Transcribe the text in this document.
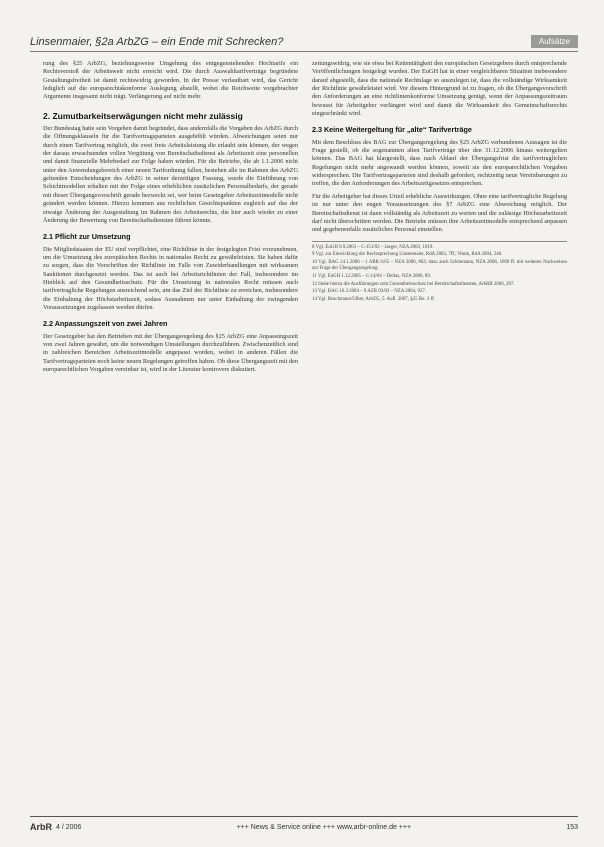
Linsenmaier, §2a ArbZG – ein Ende mit Schrecken?	Aufsätze

rung des §25 ArbZG, beziehungsweise Umgehung des entgegenstehenden Hochtarifs ein Rechtsverstoß der Arbeitsweit nicht erreicht wird. Die durch Auswahltarifverträge begründete Gestaltungsfreiheit ist damit rechtswidrig geworden. In der Presse verlautbart wird, das Gericht lediglich auf die europarechtskonforme Auslegung abstellt, wobei die Reichweite vorgebrachter Argumente insgesamt nicht trägt. Verlängerung auf nicht mehr.

2. Zumutbarkeitserwägungen nicht mehr zulässig

Der Bundestag hatte sein Vorgehen damit begründet, dass andernfalls die Vorgaben des ArbZG durch die Öffnungsklauseln für die Tarifvertragsparteien ausgehöhlt würden. Abweichungen seien nur durch einen Tarifvertrag möglich, die zwei freie Arbeitsleistung die erlaubt sein können, der wegen der daraus erwachsenden vollen Vergütung von Bereitschaftsdienst als Arbeitszeit eine personellen und damit finanzielle Mehrbedarf zur Folge haben würden. Für die Betriebe, die ab 1.1.2006 nicht unter den Anwendungsbereich einer neuen Tarifordnung fallen, bestehen alle im Rahmen des ArbZG geltenden Entscheidungen des ArbZG in seiner derzeitigen Fassung, wurde die Einführung von Schichtmodellen erhalten mit der Folge eines erheblichen zusätzlichen Personalbedarfs, der gerade mit dieser Übergangsvorschrift gerade bezweckt sei, wer beim Gesetzgeber Arbeitszeitmodelle nicht geändert werden können. Hierzu kommen aus rechtlichen Gesichtspunkten zugleich auf das der etwaige Änderung der Ausgestaltung im Rahmen des Arbeitsrechts, die hier auch wieder zu einer Änderung der Bewertung von Bereitschaftsdiensten führen könnte.

2.1 Pflicht zur Umsetzung

Die Mitgliedstaaten der EU sind verpflichtet, eine Richtlinie in der festgelegten Frist vorzunehmen, um die Umsetzung des europäischen Rechts in nationales Recht zu gewährleisten. Sie haben dafür zu sorgen, dass die Vorschriften der Richtlinie im Falle von Zuwiderhandlungen mit wirksamen Sanktionen durchgesetzt werden. Das ist auch bei Arbeitsrichtlinien der Fall, insbesondere im Hinblick auf den Gesundheitsschutz. Für die Umsetzung in nationales Recht müssen auch tarifvertragliche Regelungen ausreichend sein, um das Ziel der Richtlinie zu erreichen, insbesondere die Einhaltung der Höchstarbeitszeit, sodass Ausnahmen nur unter Einhaltung der zwingenden Voraussetzungen zugelassen werden dürfen.

2.2 Anpassungszeit von zwei Jahren

Der Gesetzgeber hat den Betrieben mit der Übergangsregelung des §25 ArbZG eine Anpassungszeit von zwei Jahren gewährt, um die notwendigen Umstellungen durchzuführen. Zwischenzeitlich sind in zahlreichen Bereichen Arbeitszeitmodelle angepasst worden, wobei in anderen Fällen die Tarifvertragsparteien noch keine neuen Regelungen getroffen haben. Ob diese Übergangszeit mit den europarechtlichen Vorgaben vereinbar ist, wird in der Literatur kontrovers diskutiert.

zeitungswidrig, wie sie etwa bei Kettentätigkeit den europäischen Gesetzgebers durch entsprechende Veröffentlichungen festgelegt wurden. Der EuGH hat in einer vergleichbaren Situation insbesondere darauf abgestellt, dass die nationale Rechtslage so auszulegen ist, dass die vollständige Wirksamkeit der Richtlinie gewährleistet wird. Vor diesem Hintergrund ist zu fragen, ob die Übergangsvorschrift den Anforderungen an eine richtlinienkonforme Umsetzung genügt, wenn der Anpassungszeitraum bewusst für Arbeitgeber verlängert wird und damit die Wirksamkeit des Gemeinschaftsrechts eingeschränkt wird.

2.3 Keine Weitergeltung für „alte“ Tarifverträge

Mit dem Beschluss des BAG zur Übergangsregelung des §25 ArbZG verbundenen Aussagen ist die Frage gestellt, ob die sogenannten alten Tarifverträge über den 31.12.2006 hinaus weitergelten können. Das BAG hat klargestellt, dass nach Ablauf der Übergangsfrist die tarifvertraglichen Regelungen nicht mehr angewandt werden können, soweit sie den europarechtlichen Vorgaben widersprechen. Die Tarifvertragsparteien sind deshalb gefordert, rechtzeitig neue Vereinbarungen zu treffen, die den Anforderungen des Arbeitszeitgesetzes entsprechen.

Für die Arbeitgeber hat dieses Urteil erhebliche Auswirkungen. Ohne eine tarifvertragliche Regelung ist nur unter den engen Voraussetzungen des §7 ArbZG eine Abweichung möglich. Der Bereitschaftsdienst ist dann vollständig als Arbeitszeit zu werten und die zulässige Höchstarbeitszeit darf nicht überschritten werden. Die Betriebe müssen ihre Arbeitszeitmodelle entsprechend anpassen und gegebenenfalls zusätzliches Personal einstellen.

8 Vgl. EuGH 9.9.2003 – C-151/02 – Jaeger, NZA 2003, 1019.
9 Vgl. zur Entwicklung der Rechtsprechung Linsenmaier, RdA 2003, 7ff.; Wank, RdA 2004, 246.
10 Vgl. BAG 24.1.2006 – 1 ABR 6/05 – NZA 2006, 862; dazu auch Schliemann, NZA 2006, 1009 ff. mit weiteren Nachweisen zur Frage der Übergangsregelung.
11 Vgl. EuGH 1.12.2005 – C-14/04 – Dellas, NZA 2006, 89.
12 Siehe hierzu die Ausführungen zum Gesundheitsschutz bei Bereitschaftsdiensten, ArbRB 2006, 207.
13 Vgl. BAG 16.3.2004 – 9 AZR 93/03 – NZA 2004, 927.
14 Vgl. Buschmann/Ulber, ArbZG, 5. Aufl. 2007, §25 Rn. 3 ff.
ArbR 4 / 2006	+++ News & Service online +++ www.arbr-online.de +++	153
